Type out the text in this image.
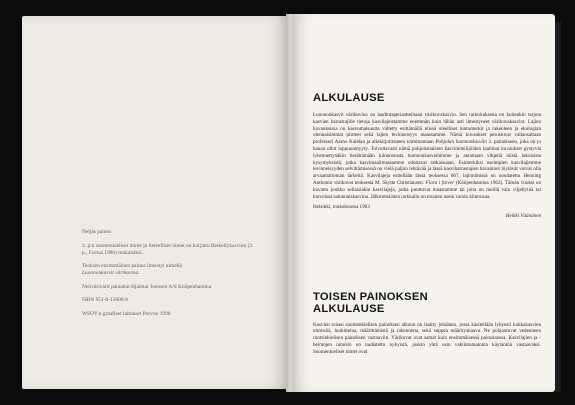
Neljäs painos

3. p:n suomenkieliset nimet ja tieteelliset nimet on korjattu Retkeilykasvion (3. p., Forssa 1986) mukaisiksi.

Teoksen ensimmäinen painos ilmestyi nimellä
Luonnonkasvit värikuvina.

Nelivärivärit painanut Hjalmar Joensen A/S Kööpenhamina

ISBN 951-0-13608-6

WSOY:n graafiset laitokset Porvoo 1990

ALKULAUSE
Luonnonkasvit värikuvina on laadintaperiaatteiltaan värikuvakasvio. Sen tarkoituksena on kuitenkin tarjota kasvien harrastajille tietoja kasvilajeistamme enemmän kuin tähän asti ilmestyneet värikuvakasviot. Lajien kuvauksissa on kasvumaisuutta vältetty esittämällä niissä oleelliset tuntomerkit ja rakenteen ja ekologian olennaisimmat piirteet sekä lajien levinneisyys maassamme. Nämä kuvaukset perustuvat valtaosaltaan professori Aarno Kalelan ja allekirjoittaneen toimittamaan Pohjolan luonnonkasviin 2. painokseen, joka on jo kauan ollut loppuunmyyty. Toivottavasti nämä pohjoismaisten kasvitieteilijöiden laatimat kuvaukset pystyvät lyhennettynäkin herättämään kiinnostusta luonnonkasveihimme ja antamaan vihjeitä niistä lukuisista kysymyksistä, jotka kasvimaailmassamme odottavat ratkaisuaan. Esimerkiksi useimpien kasvilajiemme levinneisyyden selvittämisessä on vielä paljon tehtävää ja tässä kasviharrastajien havainnot löytävät voivat olla arvaamattoman tärkeitä. Kasvilajeja esitellään tässä teoksessa 667, lajinnimissä on noudatettu Henning Anthonin värikuvat teoksesta M. Skytte Christiansen: Flora i farver (Kööpenhamina 1962). Tämän vuoksi on kuvattu joukko sellaisiakin kasvilajeja, jotka puuttuvat maastamme tai joita on meillä vain viljeltyinä tai harvoissa satunnaiskasvina. Jälkimmäisten tarkkailu on muuten usein varsin kiintoisaa.
Helsinki, toukokuussa 1963
Heikki Väänänen
TOISEN PAINOKSEN
ALKULAUSE
Kasvien toisen suomenkielisen painoksen alkuun on lisätty johdanto, jossa käsitellään lyhyesti kukkakasvien nimistöä, luokittelua, määrittämistä ja rakennetta, sekä suppea määrityskaava. Ne pohjautuvat vedenneen ruotsinkielisen painoksen vastaaviin. Värikuvat ovat samat kuin ensimmäisessä painoksessa. Kasvilajien ja -heimojen nimistö on uudistettu nykyistä, joskin yhtä osin vakiintumatonta käytäntöä vastaavaksi. Suomenkieliset nimet ovat
